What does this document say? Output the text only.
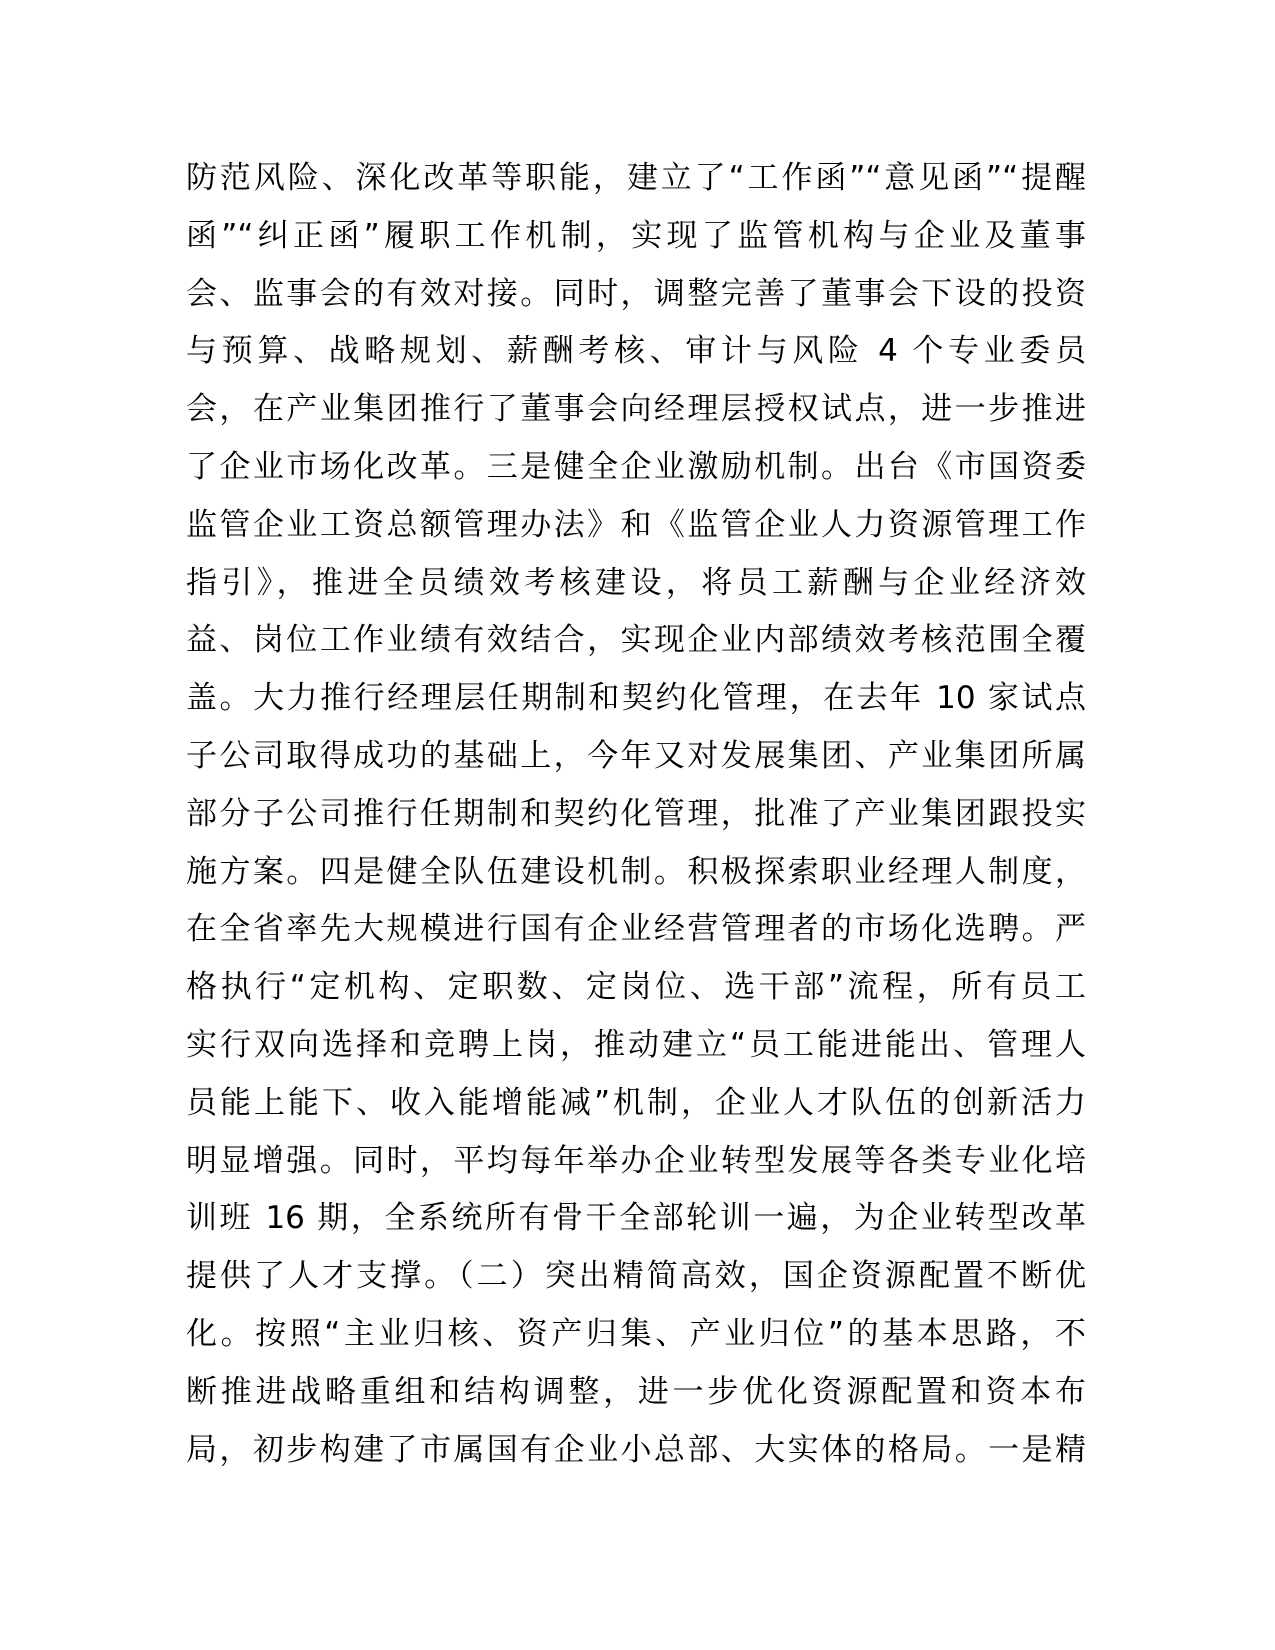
防范风险、深化改革等职能，建立了“工作函”“意见函”“提醒
函”“纠正函”履职工作机制，实现了监管机构与企业及董事
会、监事会的有效对接。同时，调整完善了董事会下设的投资
与预算、战略规划、薪酬考核、审计与风险 4 个专业委员
会，在产业集团推行了董事会向经理层授权试点，进一步推进
了企业市场化改革。三是健全企业激励机制。出台《市国资委
监管企业工资总额管理办法》和《监管企业人力资源管理工作
指引》，推进全员绩效考核建设，将员工薪酬与企业经济效
益、岗位工作业绩有效结合，实现企业内部绩效考核范围全覆
盖。大力推行经理层任期制和契约化管理，在去年 10 家试点
子公司取得成功的基础上，今年又对发展集团、产业集团所属
部分子公司推行任期制和契约化管理，批准了产业集团跟投实
施方案。四是健全队伍建设机制。积极探索职业经理人制度，
在全省率先大规模进行国有企业经营管理者的市场化选聘。严
格执行“定机构、定职数、定岗位、选干部”流程，所有员工
实行双向选择和竞聘上岗，推动建立“员工能进能出、管理人
员能上能下、收入能增能减”机制，企业人才队伍的创新活力
明显增强。同时，平均每年举办企业转型发展等各类专业化培
训班 16 期，全系统所有骨干全部轮训一遍，为企业转型改革
提供了人才支撑。（二）突出精简高效，国企资源配置不断优
化。按照“主业归核、资产归集、产业归位”的基本思路，不
断推进战略重组和结构调整，进一步优化资源配置和资本布
局，初步构建了市属国有企业小总部、大实体的格局。一是精
